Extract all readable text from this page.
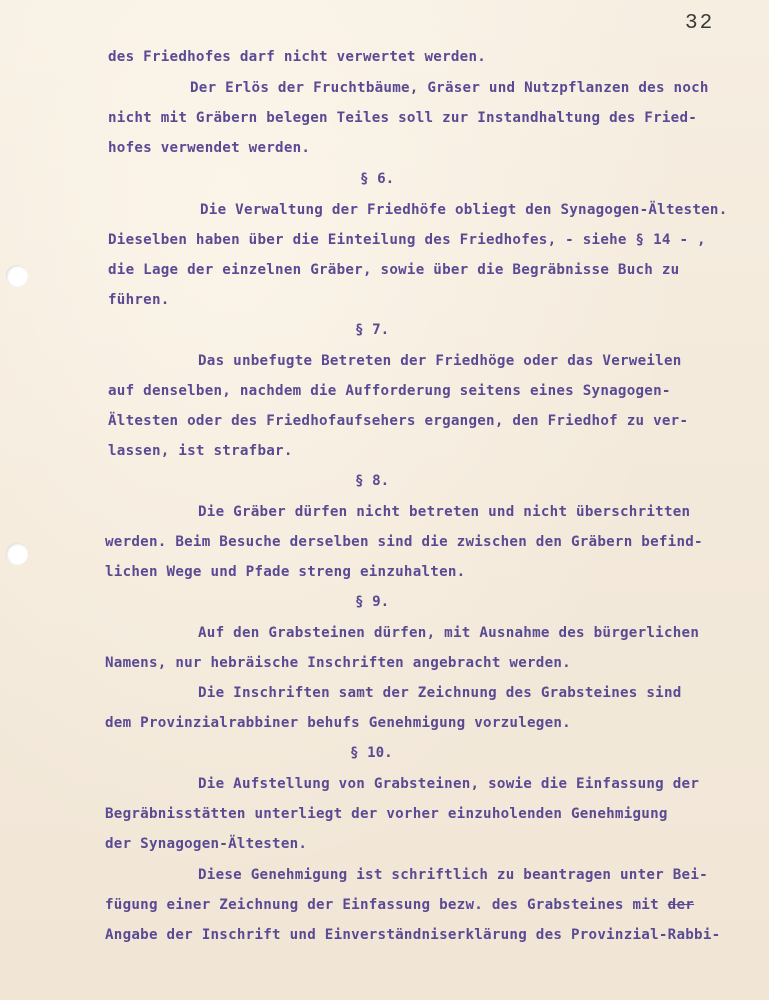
32
des Friedhofes darf nicht verwertet werden.
Der Erlös der Fruchtbäume, Gräser und Nutzpflanzen des noch
nicht mit Gräbern belegen Teiles soll zur Instandhaltung des Fried-
hofes verwendet werden.
§ 6.
Die Verwaltung der Friedhöfe obliegt den Synagogen-Ältesten.
Dieselben haben über die Einteilung des Friedhofes, - siehe § 14 - ,
die Lage der einzelnen Gräber, sowie über die Begräbnisse Buch zu
führen.
§ 7.
Das unbefugte Betreten der Friedhöge oder das Verweilen
auf denselben, nachdem die Aufforderung seitens eines Synagogen-
Ältesten oder des Friedhofaufsehers ergangen, den Friedhof zu ver-
lassen, ist strafbar.
§ 8.
Die Gräber dürfen nicht betreten und nicht überschritten
werden. Beim Besuche derselben sind die zwischen den Gräbern befind-
lichen Wege und Pfade streng einzuhalten.
§ 9.
Auf den Grabsteinen dürfen, mit Ausnahme des bürgerlichen
Namens, nur hebräische Inschriften angebracht werden.
Die Inschriften samt der Zeichnung des Grabsteines sind
dem Provinzialrabbiner behufs Genehmigung vorzulegen.
§ 10.
Die Aufstellung von Grabsteinen, sowie die Einfassung der
Begräbnisstätten unterliegt der vorher einzuholenden Genehmigung
der Synagogen-Ältesten.
Diese Genehmigung ist schriftlich zu beantragen unter Bei-
fügung einer Zeichnung der Einfassung bezw. des Grabsteines mit der
Angabe der Inschrift und Einverständniserklärung des Provinzial-Rabbi-
